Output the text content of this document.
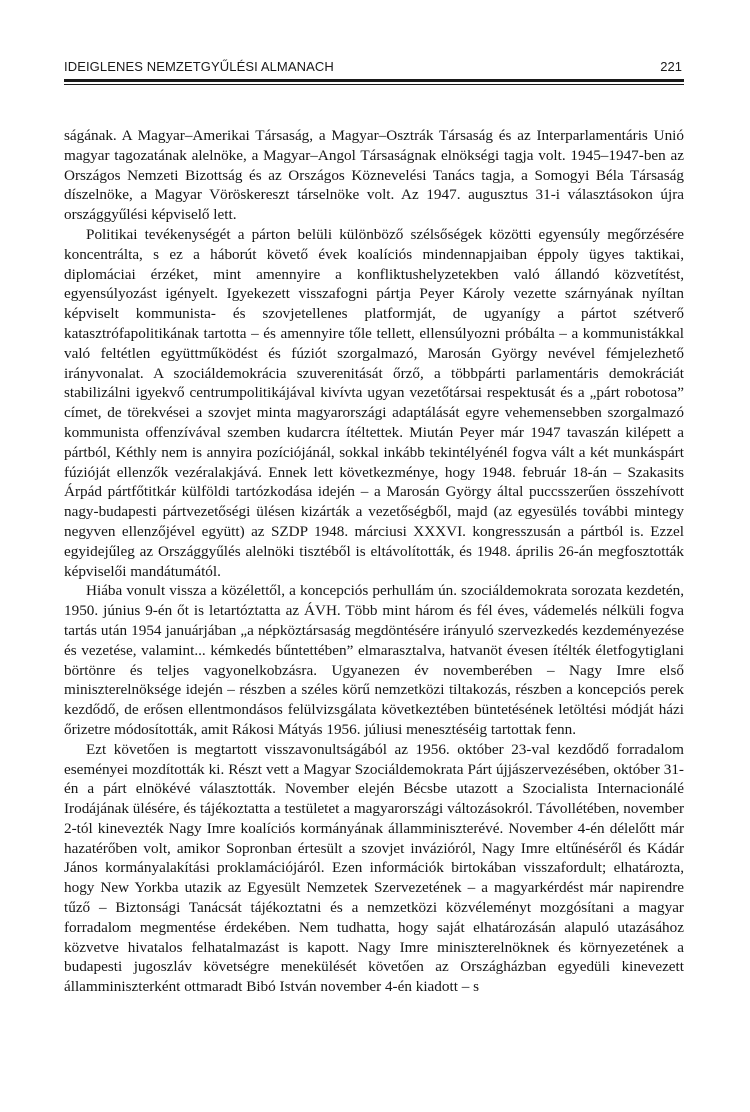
IDEIGLENES NEMZETGYŰLÉSI ALMANACH	221

ságának. A Magyar–Amerikai Társaság, a Magyar–Osztrák Társaság és az Interparlamentáris Unió magyar tagozatának alelnöke, a Magyar–Angol Társaságnak elnökségi tagja volt. 1945–1947-ben az Országos Nemzeti Bizottság és az Országos Köznevelési Tanács tagja, a Somogyi Béla Társaság díszelnöke, a Magyar Vöröskereszt társelnöke volt. Az 1947. augusztus 31-i választásokon újra országgyűlési képviselő lett.

Politikai tevékenységét a párton belüli különböző szélsőségek közötti egyensúly megőrzésére koncentrálta, s ez a háborút követő évek koalíciós mindennapjaiban éppoly ügyes taktikai, diplomáciai érzéket, mint amennyire a konfliktushelyzetekben való állandó közvetítést, egyensúlyozást igényelt. Igyekezett visszafogni pártja Peyer Károly vezette szárnyának nyíltan képviselt kommunista- és szovjetellenes platformját, de ugyanígy a pártot szétverő katasztrófapolitikának tartotta – és amennyire tőle tellett, ellensúlyozni próbálta – a kommunistákkal való feltétlen együttműködést és fúziót szorgalmazó, Marosán György nevével fémjelezhető irányvonalat. A szociáldemokrácia szuverenitását őrző, a többpárti parlamentáris demokráciát stabilizálni igyekvő centrumpolitikájával kivívta ugyan vezetőtársai respektusát és a „párt robotosa” címet, de törekvései a szovjet minta magyarországi adaptálását egyre vehemensebben szorgalmazó kommunista offenzívával szemben kudarcra ítéltettek. Miután Peyer már 1947 tavaszán kilépett a pártból, Kéthly nem is annyira pozíciójánál, sokkal inkább tekintélyénél fogva vált a két munkáspárt fúzióját ellenzők vezéralakjává. Ennek lett következménye, hogy 1948. február 18-án – Szakasits Árpád pártfőtitkár külföldi tartózkodása idején – a Marosán György által puccsszerűen összehívott nagy-budapesti pártvezetőségi ülésen kizárták a vezetőségből, majd (az egyesülés további mintegy negyven ellenzőjével együtt) az SZDP 1948. márciusi XXXVI. kongresszusán a pártból is. Ezzel egyidejűleg az Országgyűlés alelnöki tisztéből is eltávolították, és 1948. április 26-án megfosztották képviselői mandátumától.

Hiába vonult vissza a közélettől, a koncepciós perhullám ún. szociáldemokrata sorozata kezdetén, 1950. június 9-én őt is letartóztatta az ÁVH. Több mint három és fél éves, vádemelés nélküli fogva tartás után 1954 januárjában „a népköztársaság megdöntésére irányuló szervezkedés kezdeményezése és vezetése, valamint... kémkedés bűntettében” elmarasztalva, hatvanöt évesen ítélték életfogytiglani börtönre és teljes vagyonelkobzásra. Ugyanezen év novemberében – Nagy Imre első miniszterelnöksége idején – részben a széles körű nemzetközi tiltakozás, részben a koncepciós perek kezdődő, de erősen ellentmondásos felülvizsgálata következtében büntetésének letöltési módját házi őrizetre módosították, amit Rákosi Mátyás 1956. júliusi menesztéséig tartottak fenn.

Ezt követően is megtartott visszavonultságából az 1956. október 23-val kezdődő forradalom eseményei mozdították ki. Részt vett a Magyar Szociáldemokrata Párt újjászervezésében, október 31-én a párt elnökévé választották. November elején Bécsbe utazott a Szocialista Internacionálé Irodájának ülésére, és tájékoztatta a testületet a magyarországi változásokról. Távollétében, november 2-tól kinevezték Nagy Imre koalíciós kormányának államminiszterévé. November 4-én délelőtt már hazatérőben volt, amikor Sopronban értesült a szovjet invázióról, Nagy Imre eltűnéséről és Kádár János kormányalakítási proklamációjáról. Ezen információk birtokában visszafordult; elhatározta, hogy New Yorkba utazik az Egyesült Nemzetek Szervezetének – a magyarkérdést már napirendre tűző – Biztonsági Tanácsát tájékoztatni és a nemzetközi közvéleményt mozgósítani a magyar forradalom megmentése érdekében. Nem tudhatta, hogy saját elhatározásán alapuló utazásához közvetve hivatalos felhatalmazást is kapott. Nagy Imre miniszterelnöknek és környezetének a budapesti jugoszláv követségre menekülését követően az Országházban egyedüli kinevezett államminiszterként ottmaradt Bibó István november 4-én kiadott – s
